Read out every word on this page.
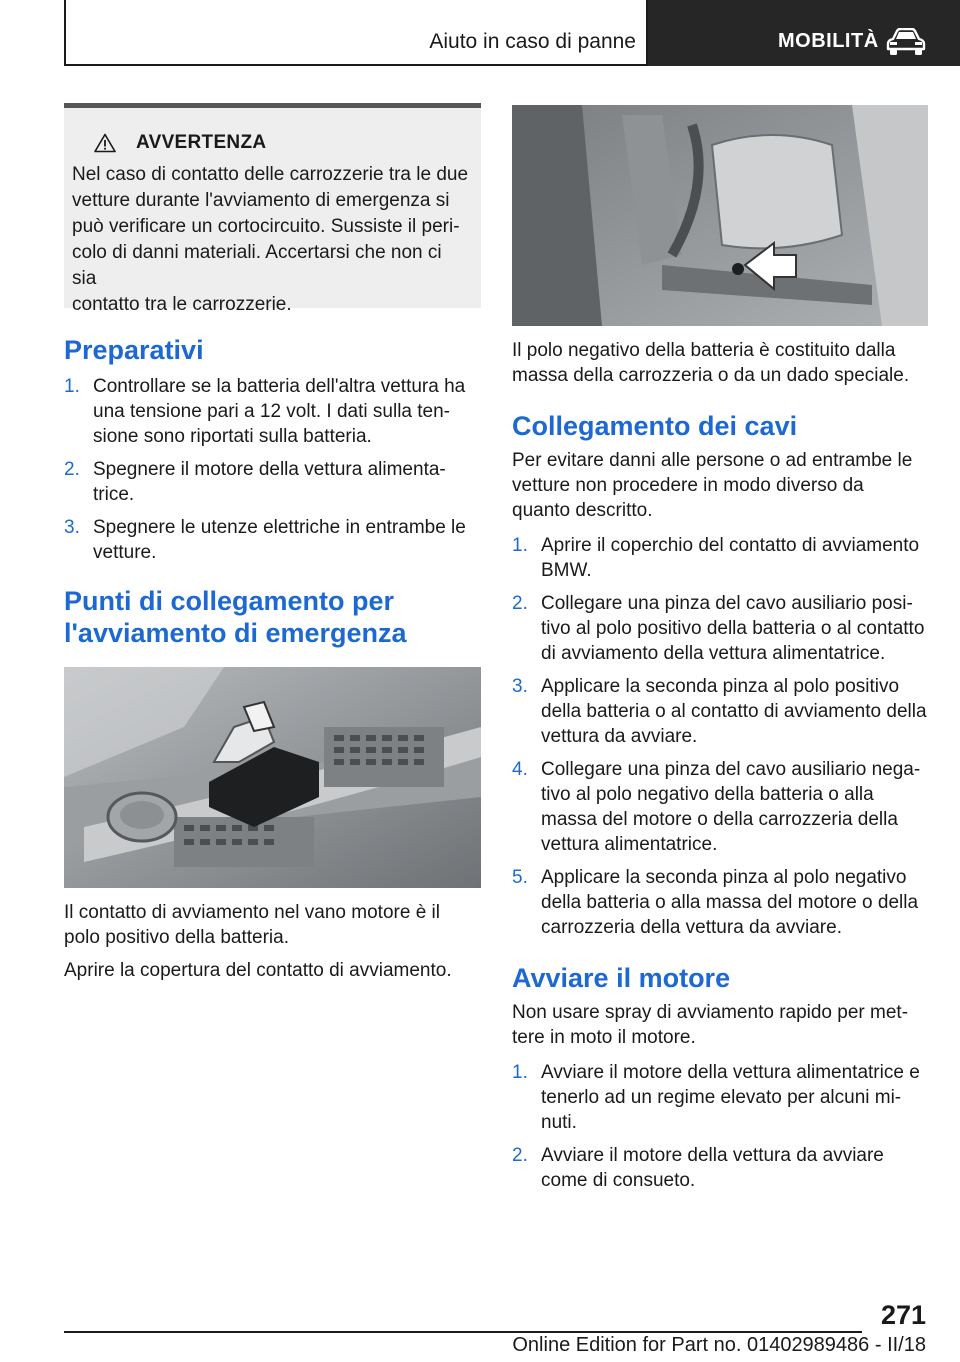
Aiuto in caso di panne	MOBILITÀ
AVVERTENZA
Nel caso di contatto delle carrozzerie tra le due
vetture durante l'avviamento di emergenza si
può verificare un cortocircuito. Sussiste il peri‐
colo di danni materiali. Accertarsi che non ci sia
contatto tra le carrozzerie.
Preparativi
1. Controllare se la batteria dell'altra vettura ha
una tensione pari a 12 volt. I dati sulla ten‐
sione sono riportati sulla batteria.
2. Spegnere il motore della vettura alimenta‐
trice.
3. Spegnere le utenze elettriche in entrambe le
vetture.
Punti di collegamento per
l'avviamento di emergenza
Il contatto di avviamento nel vano motore è il
polo positivo della batteria.
Aprire la copertura del contatto di avviamento.
Il polo negativo della batteria è costituito dalla
massa della carrozzeria o da un dado speciale.
Collegamento dei cavi
Per evitare danni alle persone o ad entrambe le
vetture non procedere in modo diverso da
quanto descritto.
1. Aprire il coperchio del contatto di avviamento
BMW.
2. Collegare una pinza del cavo ausiliario posi‐
tivo al polo positivo della batteria o al contatto
di avviamento della vettura alimentatrice.
3. Applicare la seconda pinza al polo positivo
della batteria o al contatto di avviamento della
vettura da avviare.
4. Collegare una pinza del cavo ausiliario nega‐
tivo al polo negativo della batteria o alla
massa del motore o della carrozzeria della
vettura alimentatrice.
5. Applicare la seconda pinza al polo negativo
della batteria o alla massa del motore o della
carrozzeria della vettura da avviare.
Avviare il motore
Non usare spray di avviamento rapido per met‐
tere in moto il motore.
1. Avviare il motore della vettura alimentatrice e
tenerlo ad un regime elevato per alcuni mi‐
nuti.
2. Avviare il motore della vettura da avviare
come di consueto.
271
Online Edition for Part no. 01402989486 - II/18
